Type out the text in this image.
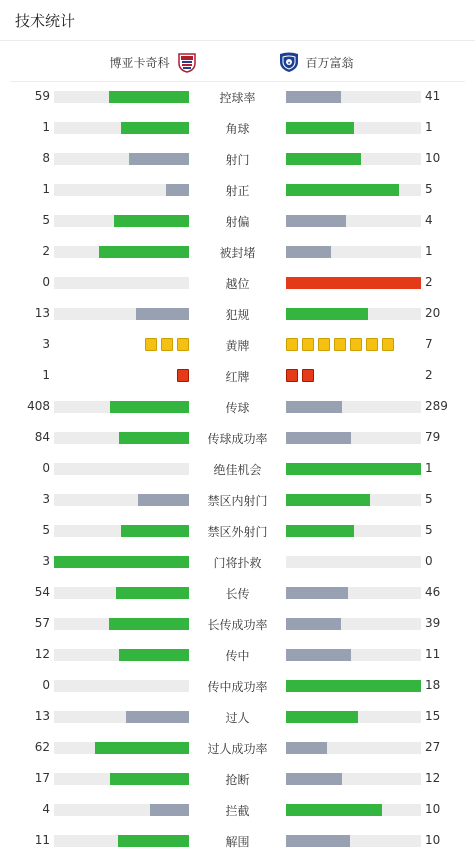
技术统计
博亚卡奇科	★ 百万富翁
59	控球率	41
1	角球	1
8	射门	10
1	射正	5
5	射偏	4
2	被封堵	1
0	越位	2
13	犯规	20
3	黄牌	7
1	红牌	2
408	传球	289
84	传球成功率	79
0	绝佳机会	1
3	禁区内射门	5
5	禁区外射门	5
3	门将扑救	0
54	长传	46
57	长传成功率	39
12	传中	11
0	传中成功率	18
13	过人	15
62	过人成功率	27
17	抢断	12
4	拦截	10
11	解围	10
